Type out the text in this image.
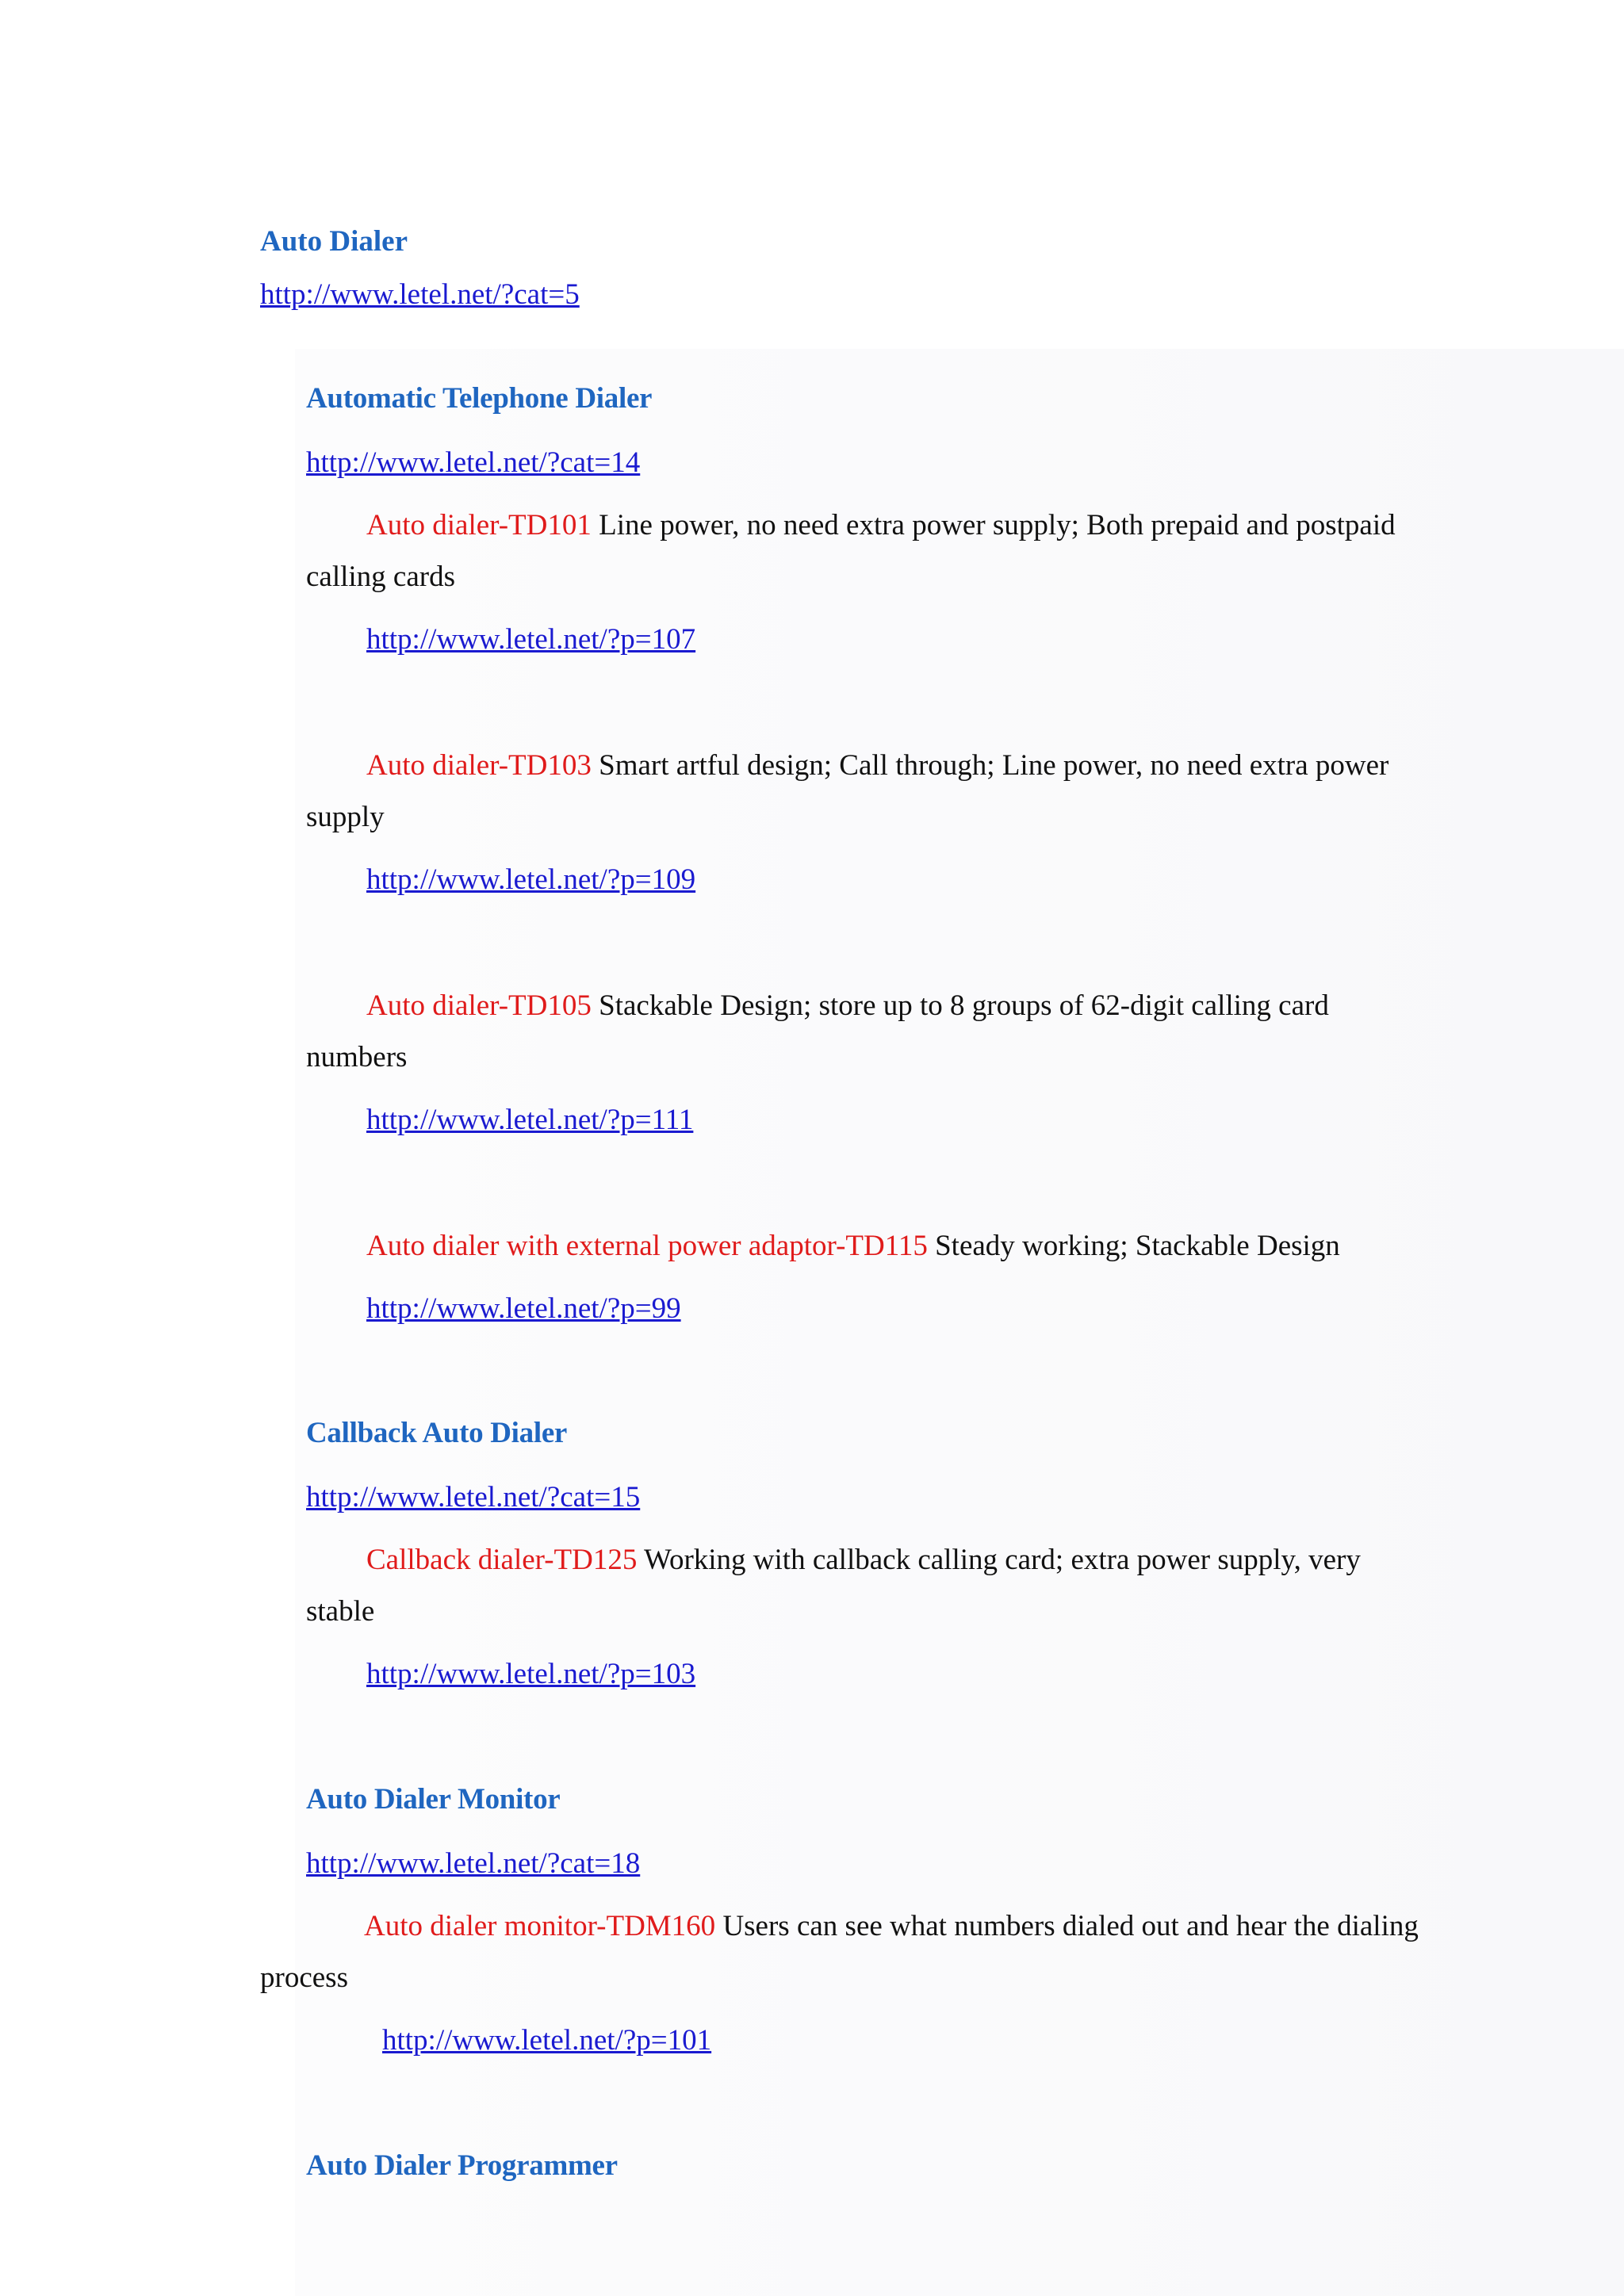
Auto Dialer
http://www.letel.net/?cat=5
Automatic Telephone Dialer
http://www.letel.net/?cat=14
Auto dialer-TD101 Line power, no need extra power supply; Both prepaid and postpaid
calling cards
http://www.letel.net/?p=107
Auto dialer-TD103 Smart artful design; Call through; Line power, no need extra power
supply
http://www.letel.net/?p=109
Auto dialer-TD105 Stackable Design; store up to 8 groups of 62-digit calling card
numbers
http://www.letel.net/?p=111
Auto dialer with external power adaptor-TD115 Steady working; Stackable Design
http://www.letel.net/?p=99
Callback Auto Dialer
http://www.letel.net/?cat=15
Callback dialer-TD125 Working with callback calling card; extra power supply, very
stable
http://www.letel.net/?p=103
Auto Dialer Monitor
http://www.letel.net/?cat=18
Auto dialer monitor-TDM160 Users can see what numbers dialed out and hear the dialing
process
http://www.letel.net/?p=101
Auto Dialer Programmer
